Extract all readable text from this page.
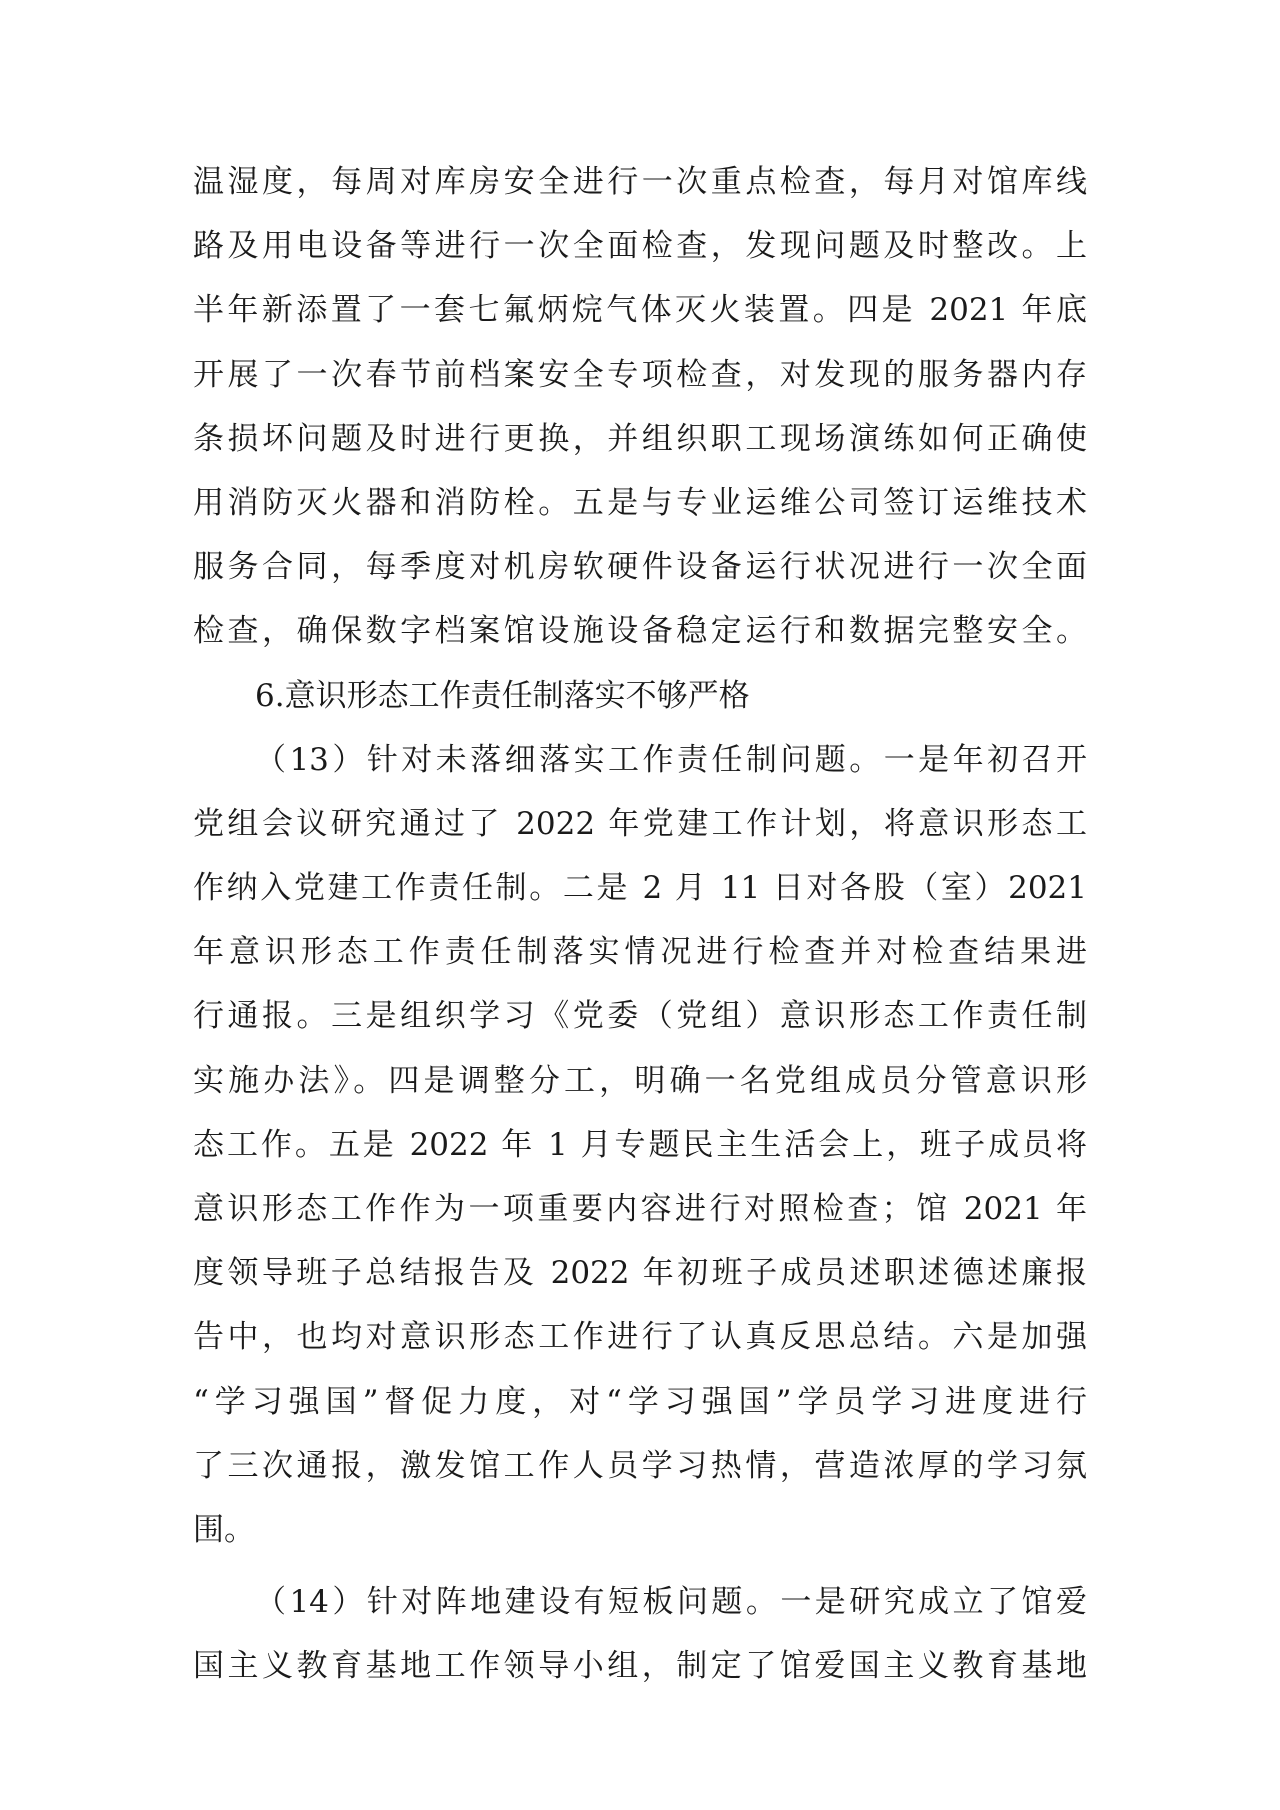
温湿度，每周对库房安全进行一次重点检查，每月对馆库线
路及用电设备等进行一次全面检查，发现问题及时整改。上
半年新添置了一套七氟炳烷气体灭火装置。四是 2021 年底
开展了一次春节前档案安全专项检查，对发现的服务器内存
条损坏问题及时进行更换，并组织职工现场演练如何正确使
用消防灭火器和消防栓。五是与专业运维公司签订运维技术
服务合同，每季度对机房软硬件设备运行状况进行一次全面
检查，确保数字档案馆设施设备稳定运行和数据完整安全。
6.意识形态工作责任制落实不够严格
（13）针对未落细落实工作责任制问题。一是年初召开
党组会议研究通过了 2022 年党建工作计划，将意识形态工
作纳入党建工作责任制。二是 2 月 11 日对各股（室）2021
年意识形态工作责任制落实情况进行检查并对检查结果进
行通报。三是组织学习《党委（党组）意识形态工作责任制
实施办法》。四是调整分工，明确一名党组成员分管意识形
态工作。五是 2022 年 1 月专题民主生活会上，班子成员将
意识形态工作作为一项重要内容进行对照检查；馆 2021 年
度领导班子总结报告及 2022 年初班子成员述职述德述廉报
告中，也均对意识形态工作进行了认真反思总结。六是加强
“学习强国”督促力度，对“学习强国”学员学习进度进行
了三次通报，激发馆工作人员学习热情，营造浓厚的学习氛
围。
（14）针对阵地建设有短板问题。一是研究成立了馆爱
国主义教育基地工作领导小组，制定了馆爱国主义教育基地
